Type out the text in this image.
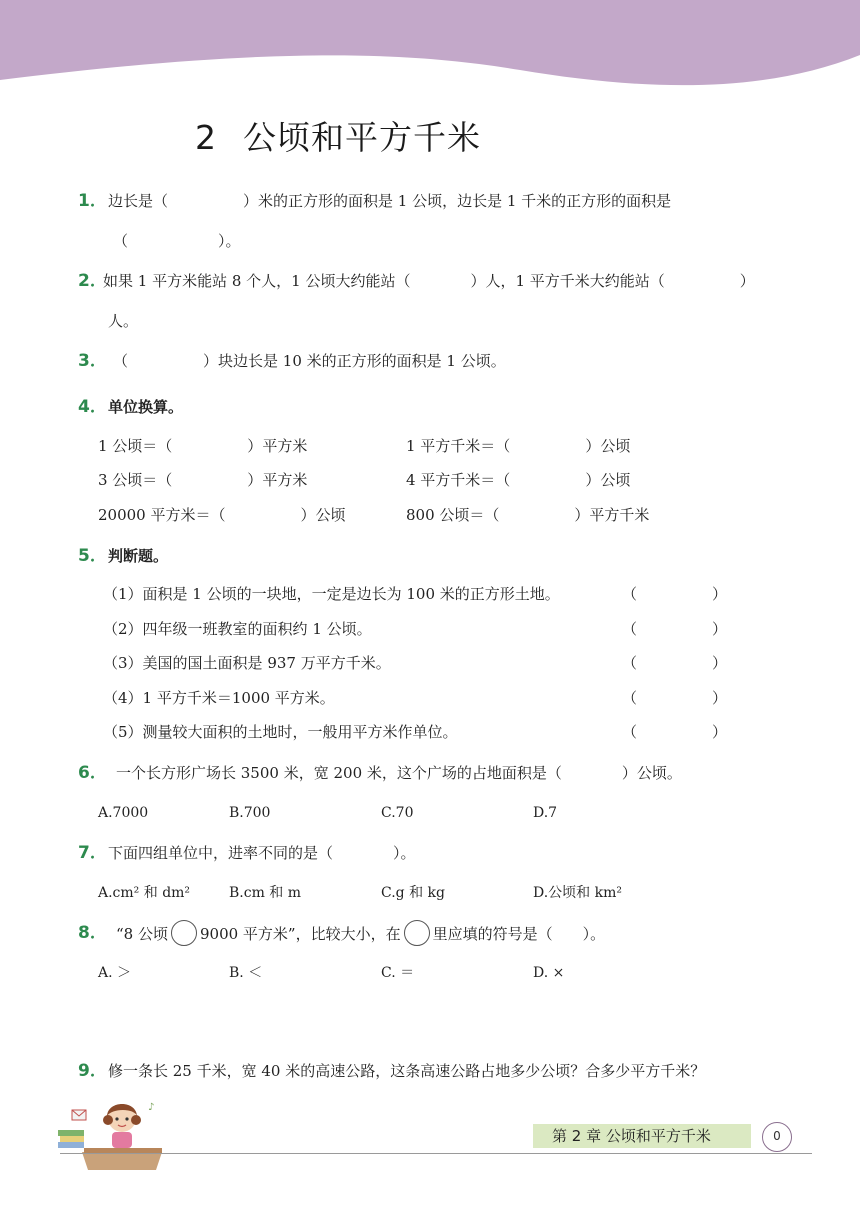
2 公顷和平方千米
1． 边长是（　　　　　）米的正方形的面积是 1 公顷，边长是 1 千米的正方形的面积是
（　　　　　　）。
2．
如果 1 平方米能站 8 个人，1 公顷大约能站（　　　　）人，1 平方千米大约能站（　　　　　）
人。
3． （　　　　　）块边长是 10 米的正方形的面积是 1 公顷。
4． 单位换算。
1 公顷＝（　　　　　）平方米	1 平方千米＝（　　　　　）公顷
3 公顷＝（　　　　　）平方米	4 平方千米＝（　　　　　）公顷
20000 平方米＝（　　　　　）公顷	800 公顷＝（　　　　　）平方千米
5． 判断题。
（1）面积是 1 公顷的一块地，一定是边长为 100 米的正方形土地。	（　　　　　）
（2）四年级一班教室的面积约 1 公顷。	（　　　　　）
（3）美国的国土面积是 937 万平方千米。	（　　　　　）
（4）1 平方千米＝1000 平方米。	（　　　　　）
（5）测量较大面积的土地时，一般用平方米作单位。	（　　　　　）
6． 一个长方形广场长 3500 米，宽 200 米，这个广场的占地面积是（　　　　）公顷。
A.7000	B.700	C.70	D.7
7． 下面四组单位中，进率不同的是（　　　　）。
A.cm² 和 dm²	B.cm 和 m	C.g 和 kg	D.公顷和 km²
8． “8 公顷 9000 平方米”，比较大小，在 里应填的符号是（　　）。
A. ＞	B. ＜	C. ＝	D. ×
9． 修一条长 25 千米，宽 40 米的高速公路，这条高速公路占地多少公顷？合多少平方千米？
♪
第 2 章 公顷和平方千米	0
